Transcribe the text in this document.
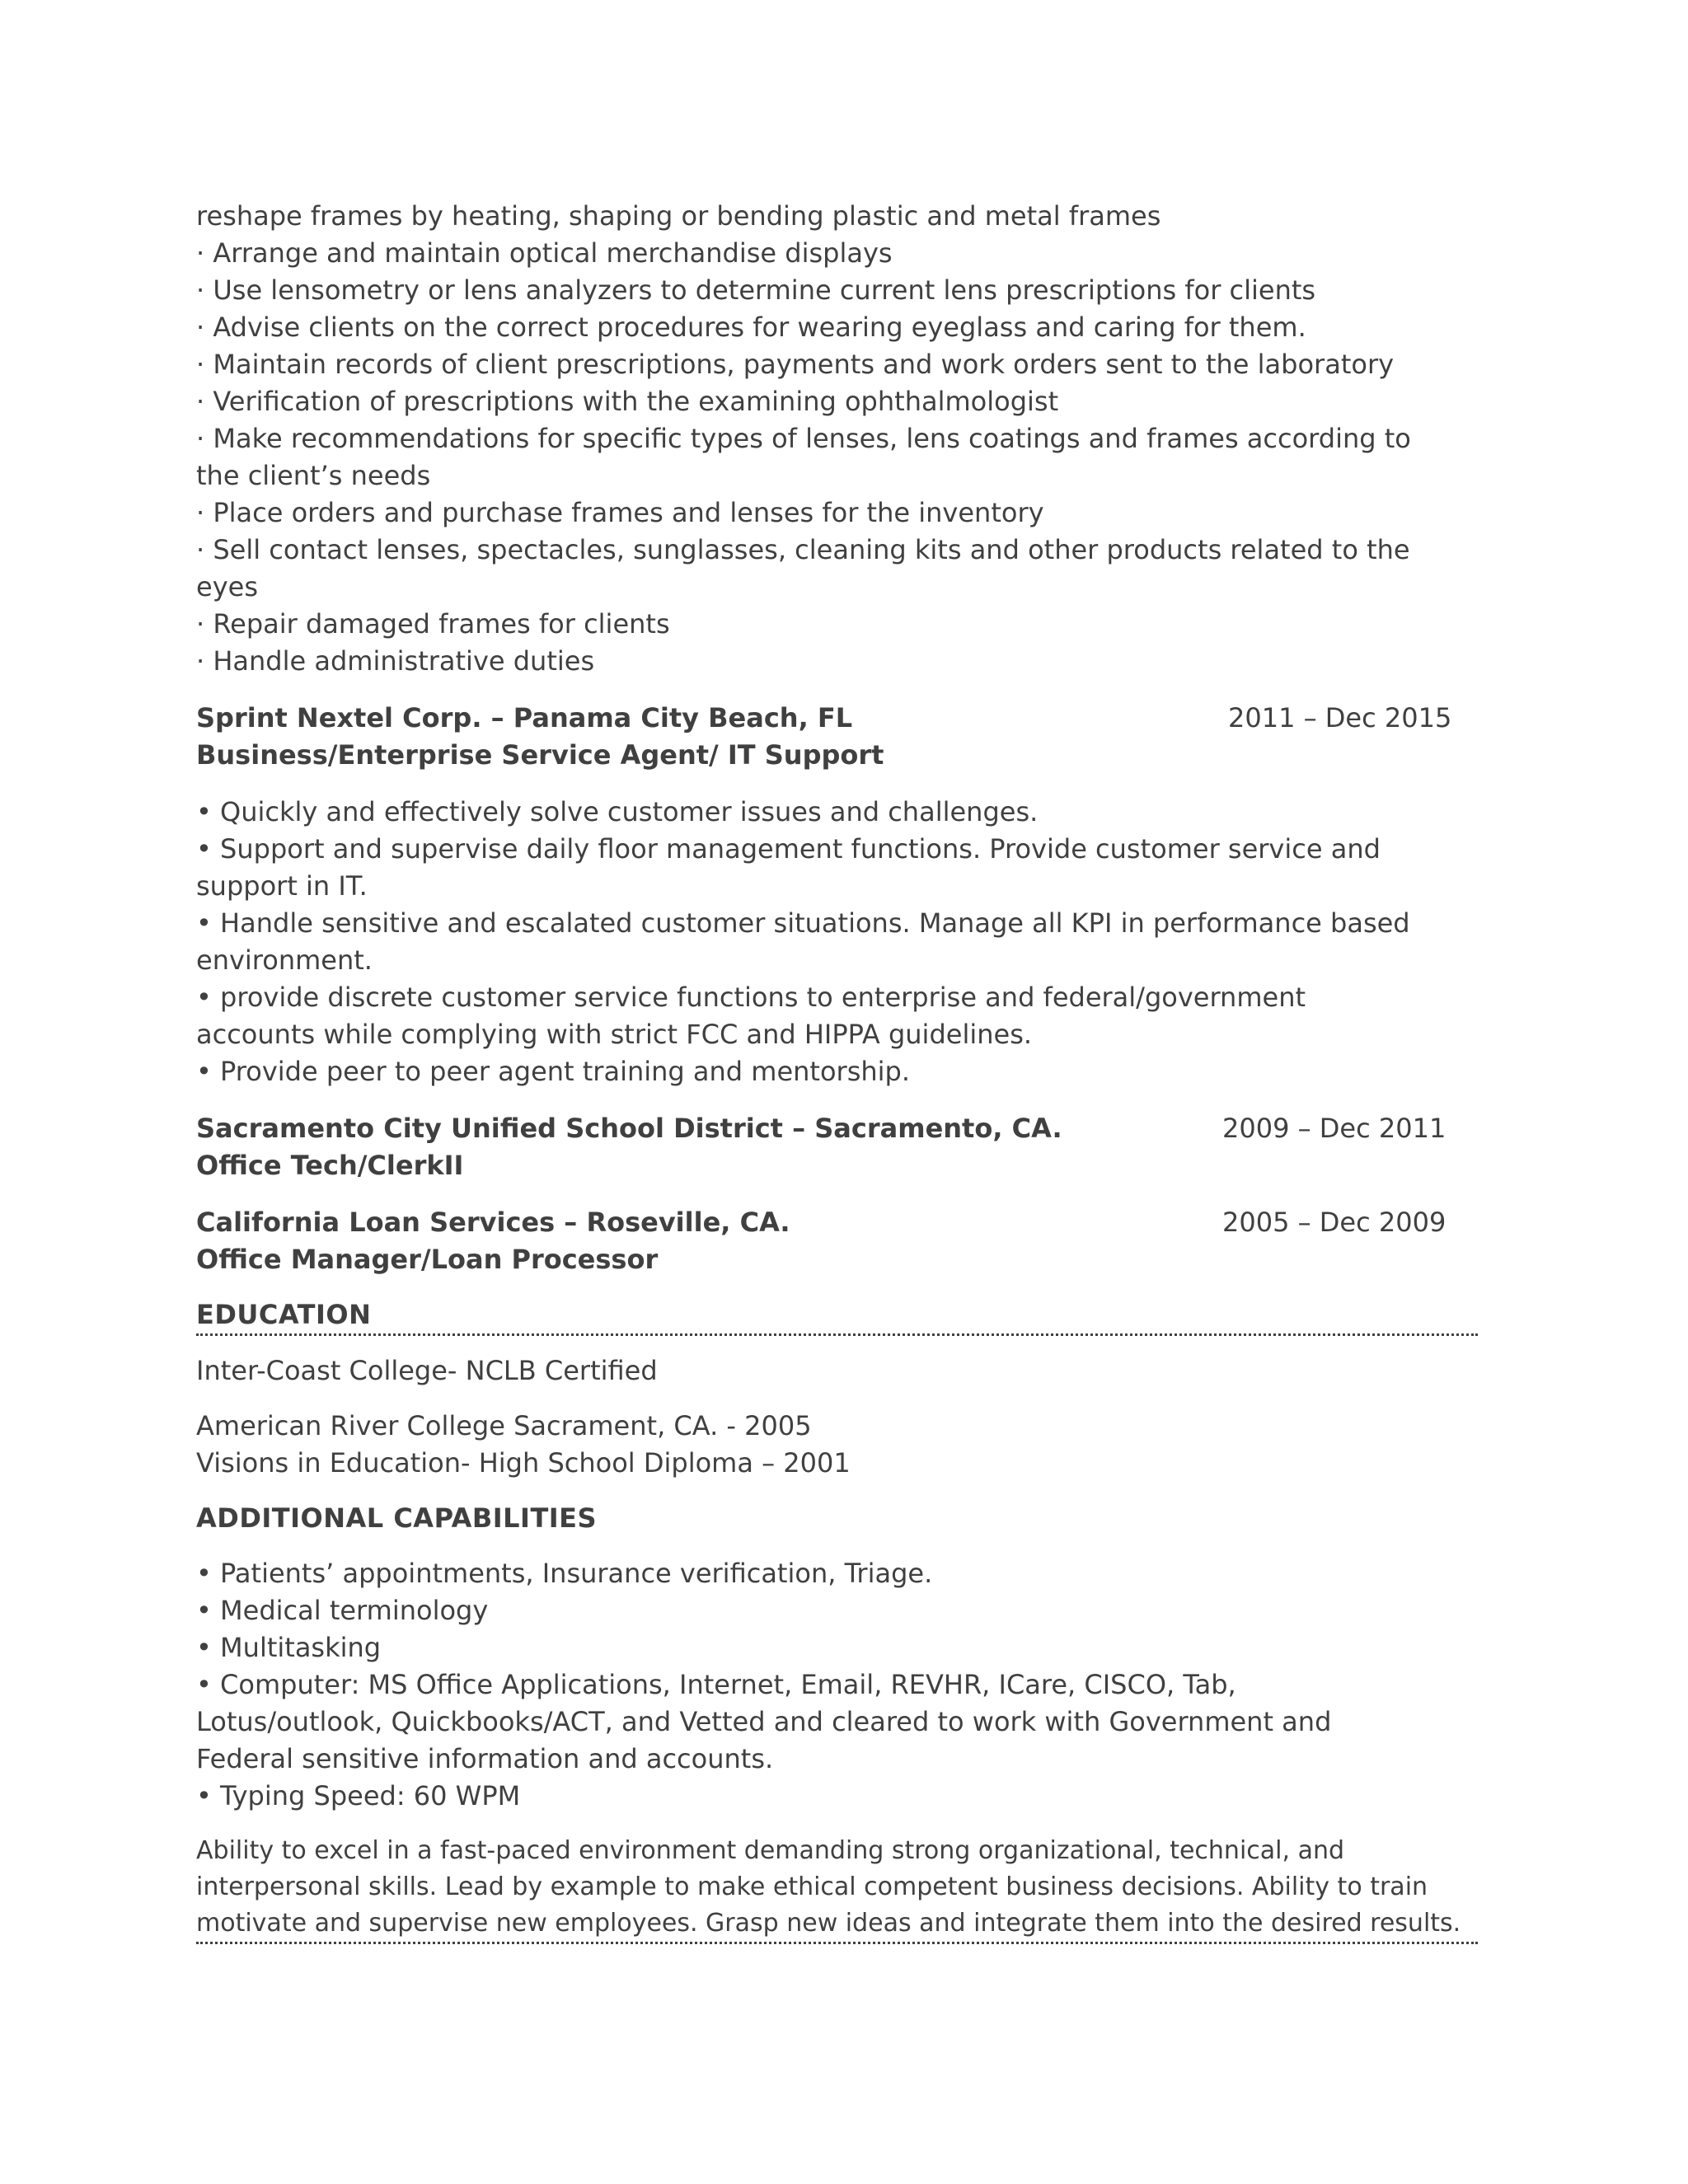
reshape frames by heating, shaping or bending plastic and metal frames
· Arrange and maintain optical merchandise displays
· Use lensometry or lens analyzers to determine current lens prescriptions for clients
· Advise clients on the correct procedures for wearing eyeglass and caring for them.
· Maintain records of client prescriptions, payments and work orders sent to the laboratory
· Verification of prescriptions with the examining ophthalmologist
· Make recommendations for specific types of lenses, lens coatings and frames according to the client’s needs
· Place orders and purchase frames and lenses for the inventory
· Sell contact lenses, spectacles, sunglasses, cleaning kits and other products related to the eyes
· Repair damaged frames for clients
· Handle administrative duties
Sprint Nextel Corp. – Panama City Beach, FL	2011 – Dec 2015
Business/Enterprise Service Agent/ IT Support
• Quickly and effectively solve customer issues and challenges.
• Support and supervise daily floor management functions. Provide customer service and support in IT.
• Handle sensitive and escalated customer situations. Manage all KPI in performance based environment.
• provide discrete customer service functions to enterprise and federal/government accounts while complying with strict FCC and HIPPA guidelines.
• Provide peer to peer agent training and mentorship.
Sacramento City Unified School District – Sacramento, CA.	2009 – Dec 2011
Office Tech/ClerkII
California Loan Services – Roseville, CA.	2005 – Dec 2009
Office Manager/Loan Processor
EDUCATION
Inter-Coast College- NCLB Certified
American River College Sacrament, CA. - 2005
Visions in Education- High School Diploma – 2001
ADDITIONAL CAPABILITIES
• Patients’ appointments, Insurance verification, Triage.
• Medical terminology
• Multitasking
• Computer: MS Office Applications, Internet, Email, REVHR, ICare, CISCO, Tab, Lotus/outlook, Quickbooks/ACT, and Vetted and cleared to work with Government and Federal sensitive information and accounts.
• Typing Speed: 60 WPM
Ability to excel in a fast-paced environment demanding strong organizational, technical, and interpersonal skills. Lead by example to make ethical competent business decisions. Ability to train motivate and supervise new employees. Grasp new ideas and integrate them into the desired results.
